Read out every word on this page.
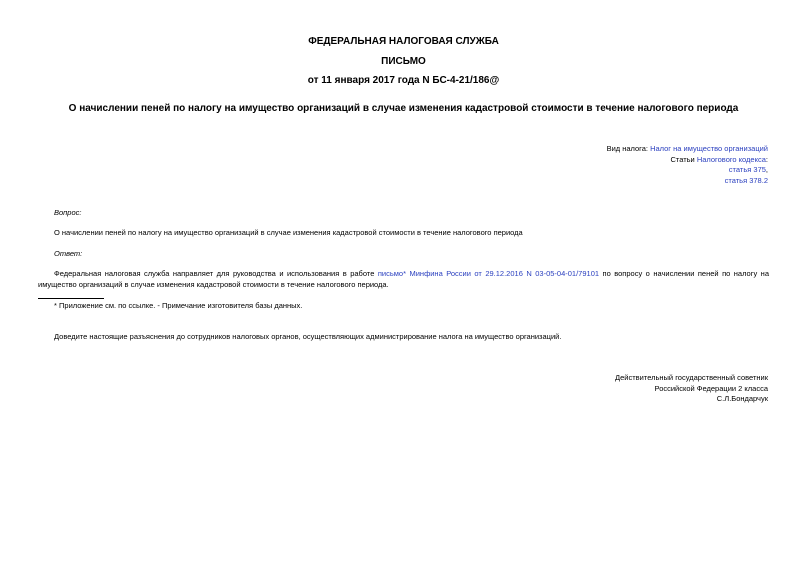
ФЕДЕРАЛЬНАЯ НАЛОГОВАЯ СЛУЖБА
ПИСЬМО
от 11 января 2017 года N БС-4-21/186@
О начислении пеней по налогу на имущество организаций в случае изменения кадастровой стоимости в течение налогового периода
Вид налога: Налог на имущество организаций
Статьи Налогового кодекса:
статья 375,
статья 378.2
Вопрос:
О начислении пеней по налогу на имущество организаций в случае изменения кадастровой стоимости в течение налогового периода
Ответ:
Федеральная налоговая служба направляет для руководства и использования в работе письмо* Минфина России от 29.12.2016 N 03-05-04-01/79101 по вопросу о начислении пеней по налогу на имущество организаций в случае изменения кадастровой стоимости в течение налогового периода.
* Приложение см. по ссылке. - Примечание изготовителя базы данных.
Доведите настоящие разъяснения до сотрудников налоговых органов, осуществляющих администрирование налога на имущество организаций.
Действительный государственный советник
Российской Федерации 2 класса
С.Л.Бондарчук
